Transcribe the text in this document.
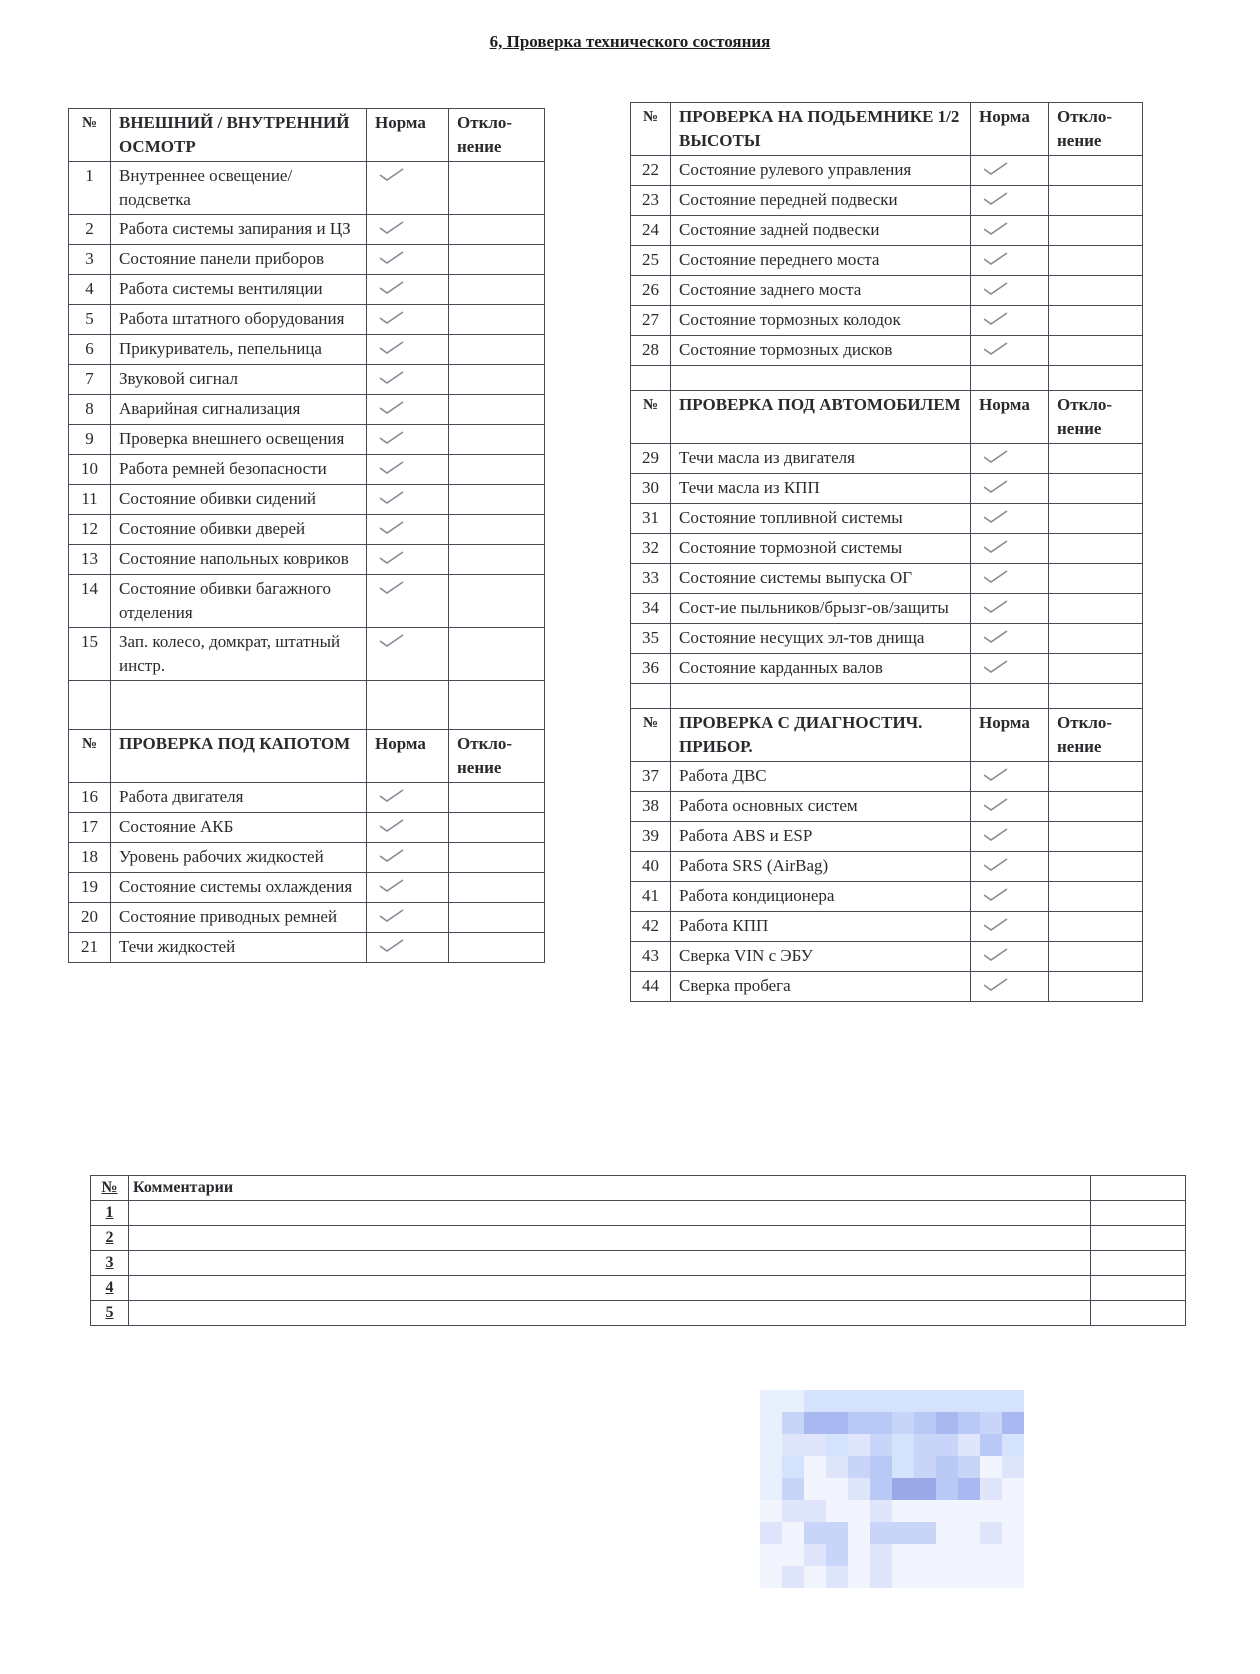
6, Проверка технического состояния
№	ВНЕШНИЙ / ВНУТРЕННИЙ ОСМОТР	Норма	Откло-нение
1	Внутреннее освещение/подсветка	

2	Работа системы запирания и ЦЗ	

3	Состояние панели приборов	

4	Работа системы вентиляции	

5	Работа штатного оборудования	

6	Прикуриватель, пепельница	

7	Звуковой сигнал	

8	Аварийная сигнализация	

9	Проверка внешнего освещения	

10	Работа ремней безопасности	

11	Состояние обивки сидений	

12	Состояние обивки дверей	

13	Состояние напольных ковриков	

14	Состояние обивки багажного отделения	

15	Зап. колесо, домкрат, штатный инстр.	

№	ПРОВЕРКА ПОД КАПОТОМ	Норма	Откло-нение
16	Работа двигателя	

17	Состояние АКБ	

18	Уровень рабочих жидкостей	

19	Состояние системы охлаждения	

20	Состояние приводных ремней	

21	Течи жидкостей	

№	ПРОВЕРКА НА ПОДЬЕМНИКЕ 1/2 ВЫСОТЫ	Норма	Откло-нение
22	Состояние рулевого управления	

23	Состояние передней подвески	

24	Состояние задней подвески	

25	Состояние переднего моста	

26	Состояние заднего моста	

27	Состояние тормозных колодок	

28	Состояние тормозных дисков	

№	ПРОВЕРКА ПОД АВТОМОБИЛЕМ	Норма	Откло-нение
29	Течи масла из двигателя	

30	Течи масла из КПП	

31	Состояние топливной системы	

32	Состояние тормозной системы	

33	Состояние системы выпуска ОГ	

34	Сост-ие пыльников/брызг-ов/защиты	

35	Состояние несущих эл-тов днища	

36	Состояние карданных валов	

№	ПРОВЕРКА С ДИАГНОСТИЧ. ПРИБОР.	Норма	Откло-нение
37	Работа ДВС	

38	Работа основных систем	

39	Работа ABS и ESP	

40	Работа SRS (AirBag)	

41	Работа кондиционера	

42	Работа КПП	

43	Сверка VIN с ЭБУ	

44	Сверка пробега	

№	Комментарии	
1		
2		
3		
4		
5		
